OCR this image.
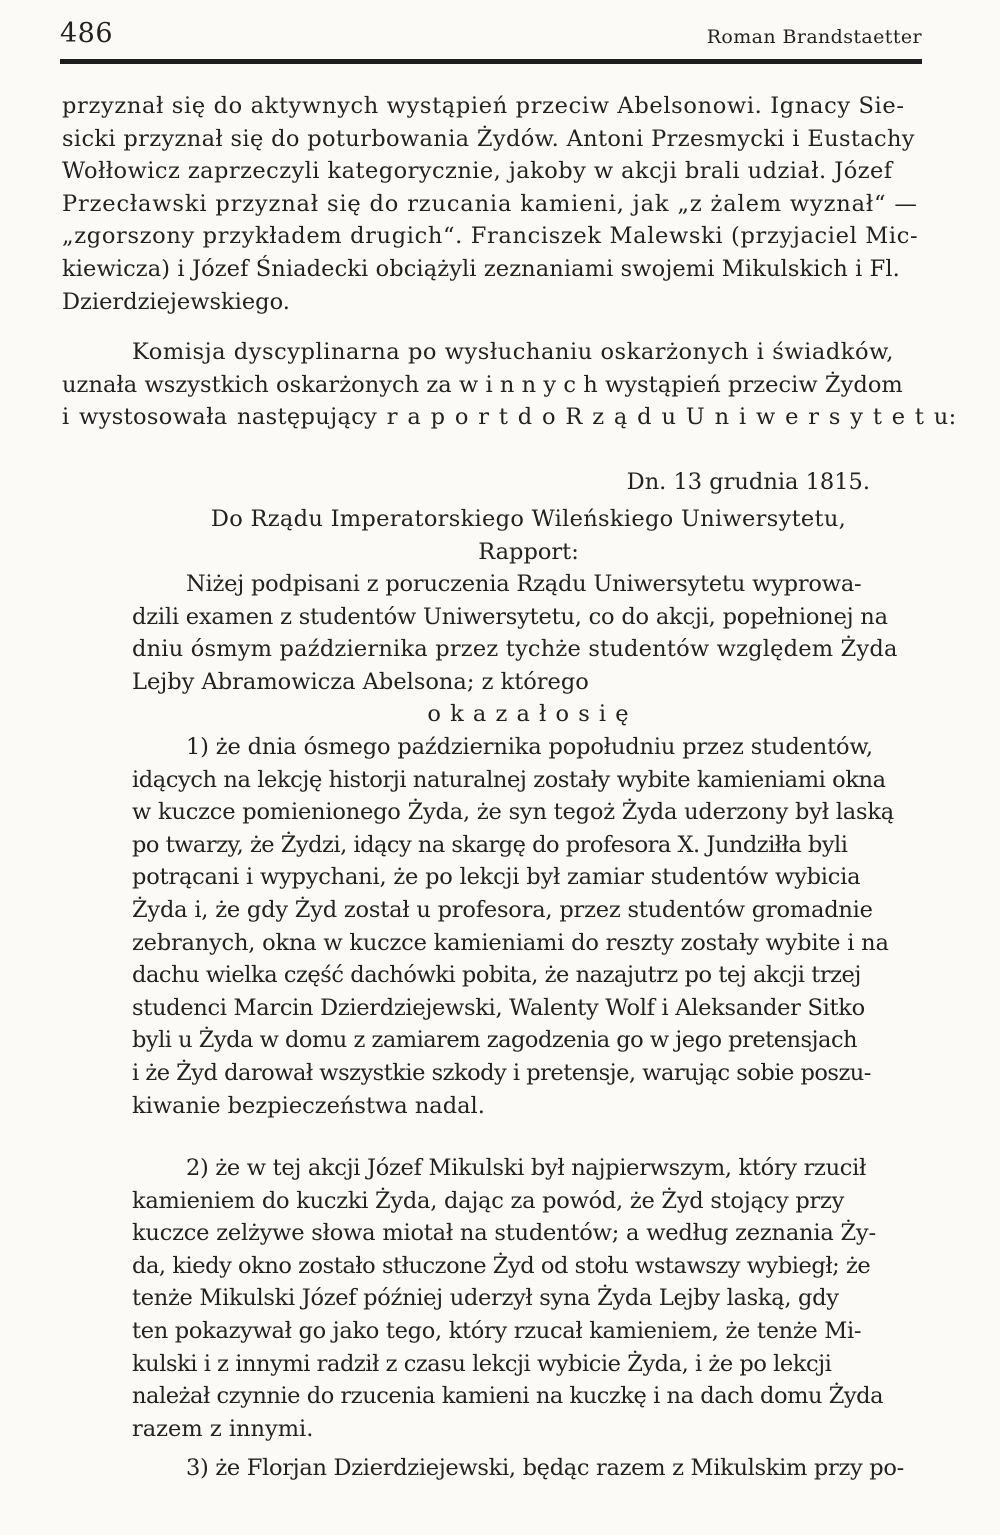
486	Roman Brandstaetter
przyznał się do aktywnych wystąpień przeciw Abelsonowi. Ignacy Sie-
sicki przyznał się do poturbowania Żydów. Antoni Przesmycki i Eustachy
Wołłowicz zaprzeczyli kategorycznie, jakoby w akcji brali udział. Józef
Przecławski przyznał się do rzucania kamieni, jak „z żalem wyznał“ —
„zgorszony przykładem drugich“. Franciszek Malewski (przyjaciel Mic-
kiewicza) i Józef Śniadecki obciążyli zeznaniami swojemi Mikulskich i Fl.
Dzierdziejewskiego.
Komisja dyscyplinarna po wysłuchaniu oskarżonych i świadków,
uznała wszystkich oskarżonych za w i n n y c h wystąpień przeciw Żydom
i wystosowała następujący r a p o r t d o R z ą d u U n i w e r s y t e t u:
Dn. 13 grudnia 1815.
Do Rządu Imperatorskiego Wileńskiego Uniwersytetu,
Rapport:
Niżej podpisani z poruczenia Rządu Uniwersytetu wyprowa-
dzili examen z studentów Uniwersytetu, co do akcji, popełnionej na
dniu ósmym października przez tychże studentów względem Żyda
Lejby Abramowicza Abelsona; z którego
o k a z a ł o s i ę
1) że dnia ósmego października popołudniu przez studentów,
idących na lekcję historji naturalnej zostały wybite kamieniami okna
w kuczce pomienionego Żyda, że syn tegoż Żyda uderzony był laską
po twarzy, że Żydzi, idący na skargę do profesora X. Jundziłła byli
potrącani i wypychani, że po lekcji był zamiar studentów wybicia
Żyda i, że gdy Żyd został u profesora, przez studentów gromadnie
zebranych, okna w kuczce kamieniami do reszty zostały wybite i na
dachu wielka część dachówki pobita, że nazajutrz po tej akcji trzej
studenci Marcin Dzierdziejewski, Walenty Wolf i Aleksander Sitko
byli u Żyda w domu z zamiarem zagodzenia go w jego pretensjach
i że Żyd darował wszystkie szkody i pretensje, warując sobie poszu-
kiwanie bezpieczeństwa nadal.
2) że w tej akcji Józef Mikulski był najpierwszym, który rzucił
kamieniem do kuczki Żyda, dając za powód, że Żyd stojący przy
kuczce zelżywe słowa miotał na studentów; a według zeznania Ży-
da, kiedy okno zostało stłuczone Żyd od stołu wstawszy wybiegł; że
tenże Mikulski Józef później uderzył syna Żyda Lejby laską, gdy
ten pokazywał go jako tego, który rzucał kamieniem, że tenże Mi-
kulski i z innymi radził z czasu lekcji wybicie Żyda, i że po lekcji
należał czynnie do rzucenia kamieni na kuczkę i na dach domu Żyda
razem z innymi.
3) że Florjan Dzierdziejewski, będąc razem z Mikulskim przy po-
